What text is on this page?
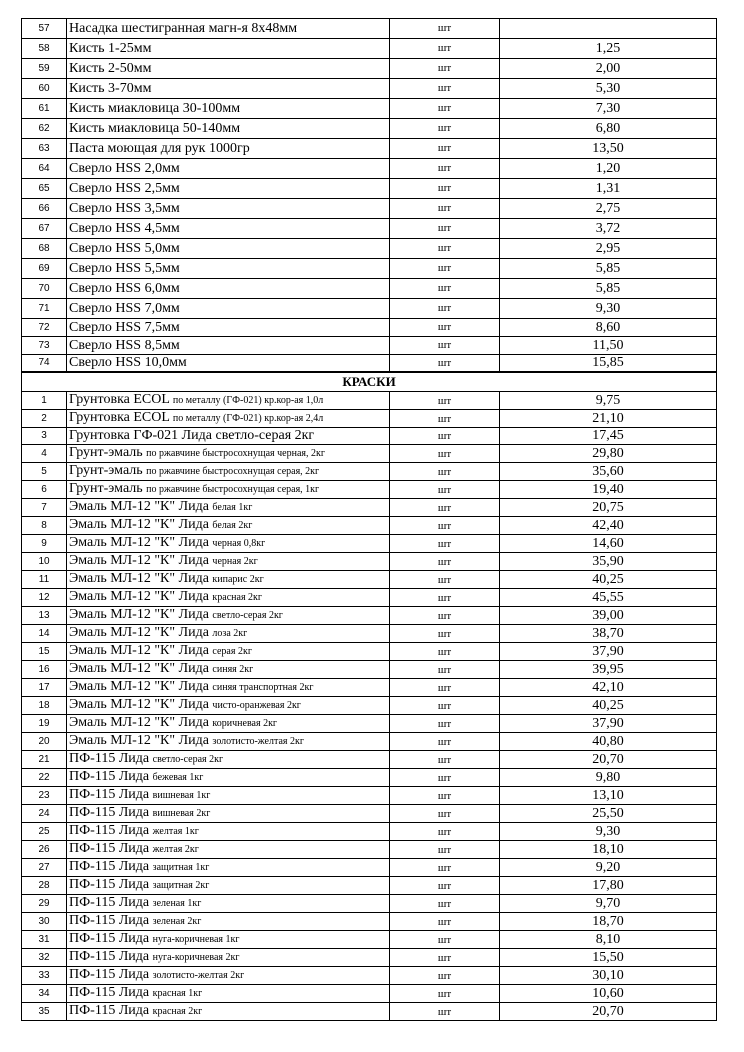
57	Насадка шестигранная магн-я 8х48мм	шт	
58	Кисть 1-25мм	шт	1,25
59	Кисть 2-50мм	шт	2,00
60	Кисть 3-70мм	шт	5,30
61	Кисть миакловица 30-100мм	шт	7,30
62	Кисть миакловица 50-140мм	шт	6,80
63	Паста моющая для рук 1000гр	шт	13,50
64	Сверло HSS 2,0мм	шт	1,20
65	Сверло HSS 2,5мм	шт	1,31
66	Сверло HSS 3,5мм	шт	2,75
67	Сверло HSS 4,5мм	шт	3,72
68	Сверло HSS 5,0мм	шт	2,95
69	Сверло HSS 5,5мм	шт	5,85
70	Сверло HSS 6,0мм	шт	5,85
71	Сверло HSS 7,0мм	шт	9,30
72	Сверло HSS 7,5мм	шт	8,60
73	Сверло HSS 8,5мм	шт	11,50
74	Сверло HSS 10,0мм	шт	15,85
КРАСКИ			
1	Грунтовка ECOL по металлу (ГФ-021) кр.кор-ая 1,0л	шт	9,75
2	Грунтовка ECOL по металлу (ГФ-021) кр.кор-ая 2,4л	шт	21,10
3	Грунтовка ГФ-021 Лида светло-серая 2кг	шт	17,45
4	Грунт-эмаль по ржавчине быстросохнущая черная, 2кг	шт	29,80
5	Грунт-эмаль по ржавчине быстросохнущая серая, 2кг	шт	35,60
6	Грунт-эмаль по ржавчине быстросохнущая серая, 1кг	шт	19,40
7	Эмаль МЛ-12 "К" Лида белая 1кг	шт	20,75
8	Эмаль МЛ-12 "К" Лида белая 2кг	шт	42,40
9	Эмаль МЛ-12 "К" Лида черная 0,8кг	шт	14,60
10	Эмаль МЛ-12 "К" Лида черная 2кг	шт	35,90
11	Эмаль МЛ-12 "К" Лида кипарис 2кг	шт	40,25
12	Эмаль МЛ-12 "К" Лида красная 2кг	шт	45,55
13	Эмаль МЛ-12 "К" Лида светло-серая 2кг	шт	39,00
14	Эмаль МЛ-12 "К" Лида лоза 2кг	шт	38,70
15	Эмаль МЛ-12 "К" Лида серая 2кг	шт	37,90
16	Эмаль МЛ-12 "К" Лида синяя 2кг	шт	39,95
17	Эмаль МЛ-12 "К" Лида синяя транспортная 2кг	шт	42,10
18	Эмаль МЛ-12 "К" Лида чисто-оранжевая 2кг	шт	40,25
19	Эмаль МЛ-12 "К" Лида коричневая 2кг	шт	37,90
20	Эмаль МЛ-12 "К" Лида золотисто-желтая 2кг	шт	40,80
21	ПФ-115 Лида светло-серая 2кг	шт	20,70
22	ПФ-115 Лида бежевая 1кг	шт	9,80
23	ПФ-115 Лида вишневая 1кг	шт	13,10
24	ПФ-115 Лида вишневая 2кг	шт	25,50
25	ПФ-115 Лида желтая 1кг	шт	9,30
26	ПФ-115 Лида желтая 2кг	шт	18,10
27	ПФ-115 Лида защитная 1кг	шт	9,20
28	ПФ-115 Лида защитная 2кг	шт	17,80
29	ПФ-115 Лида зеленая 1кг	шт	9,70
30	ПФ-115 Лида зеленая 2кг	шт	18,70
31	ПФ-115 Лида нуга-коричневая 1кг	шт	8,10
32	ПФ-115 Лида нуга-коричневая 2кг	шт	15,50
33	ПФ-115 Лида золотисто-желтая 2кг	шт	30,10
34	ПФ-115 Лида красная 1кг	шт	10,60
35	ПФ-115 Лида красная 2кг	шт	20,70
